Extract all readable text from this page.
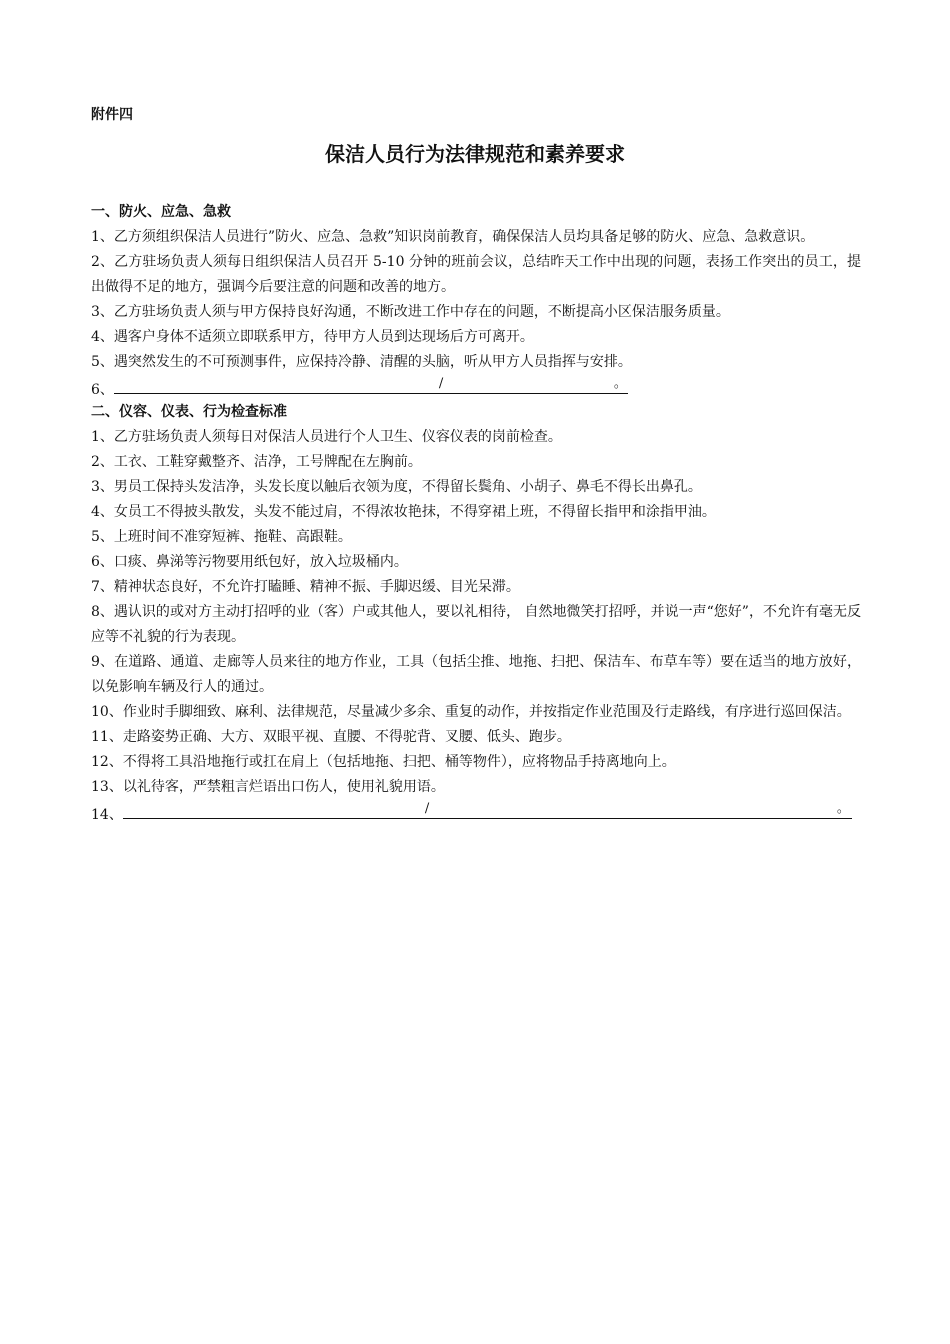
附件四
保洁人员行为法律规范和素养要求
一、防火、应急、急救
1、乙方须组织保洁人员进行”防火、应急、急救”知识岗前教育，确保保洁人员均具备足够的防火、应急、急救意识。
2、乙方驻场负责人须每日组织保洁人员召开 5-10 分钟的班前会议，总结昨天工作中出现的问题，表扬工作突出的员工，提出做得不足的地方，强调今后要注意的问题和改善的地方。
3、乙方驻场负责人须与甲方保持良好沟通，不断改进工作中存在的问题，不断提高小区保洁服务质量。
4、遇客户身体不适须立即联系甲方，待甲方人员到达现场后方可离开。
5、遇突然发生的不可预测事件，应保持冷静、清醒的头脑，听从甲方人员指挥与安排。
6、	/	。
二、仪容、仪表、行为检查标准
1、乙方驻场负责人须每日对保洁人员进行个人卫生、仪容仪表的岗前检查。
2、工衣、工鞋穿戴整齐、洁净，工号牌配在左胸前。
3、男员工保持头发洁净，头发长度以触后衣领为度，不得留长鬓角、小胡子、鼻毛不得长出鼻孔。
4、女员工不得披头散发，头发不能过肩，不得浓妆艳抹，不得穿裙上班，不得留长指甲和涂指甲油。
5、上班时间不准穿短裤、拖鞋、高跟鞋。
6、口痰、鼻涕等污物要用纸包好，放入垃圾桶内。
7、精神状态良好，不允许打瞌睡、精神不振、手脚迟缓、目光呆滞。
8、遇认识的或对方主动打招呼的业（客）户或其他人，要以礼相待， 自然地微笑打招呼，并说一声“您好”，不允许有毫无反应等不礼貌的行为表现。
9、在道路、通道、走廊等人员来往的地方作业，工具（包括尘推、地拖、扫把、保洁车、布草车等）要在适当的地方放好，以免影响车辆及行人的通过。
10、作业时手脚细致、麻利、法律规范，尽量减少多余、重复的动作，并按指定作业范围及行走路线，有序进行巡回保洁。
11、走路姿势正确、大方、双眼平视、直腰、不得驼背、叉腰、低头、跑步。
12、不得将工具沿地拖行或扛在肩上（包括地拖、扫把、桶等物件），应将物品手持离地向上。
13、以礼待客，严禁粗言烂语出口伤人，使用礼貌用语。
14、	/	。
